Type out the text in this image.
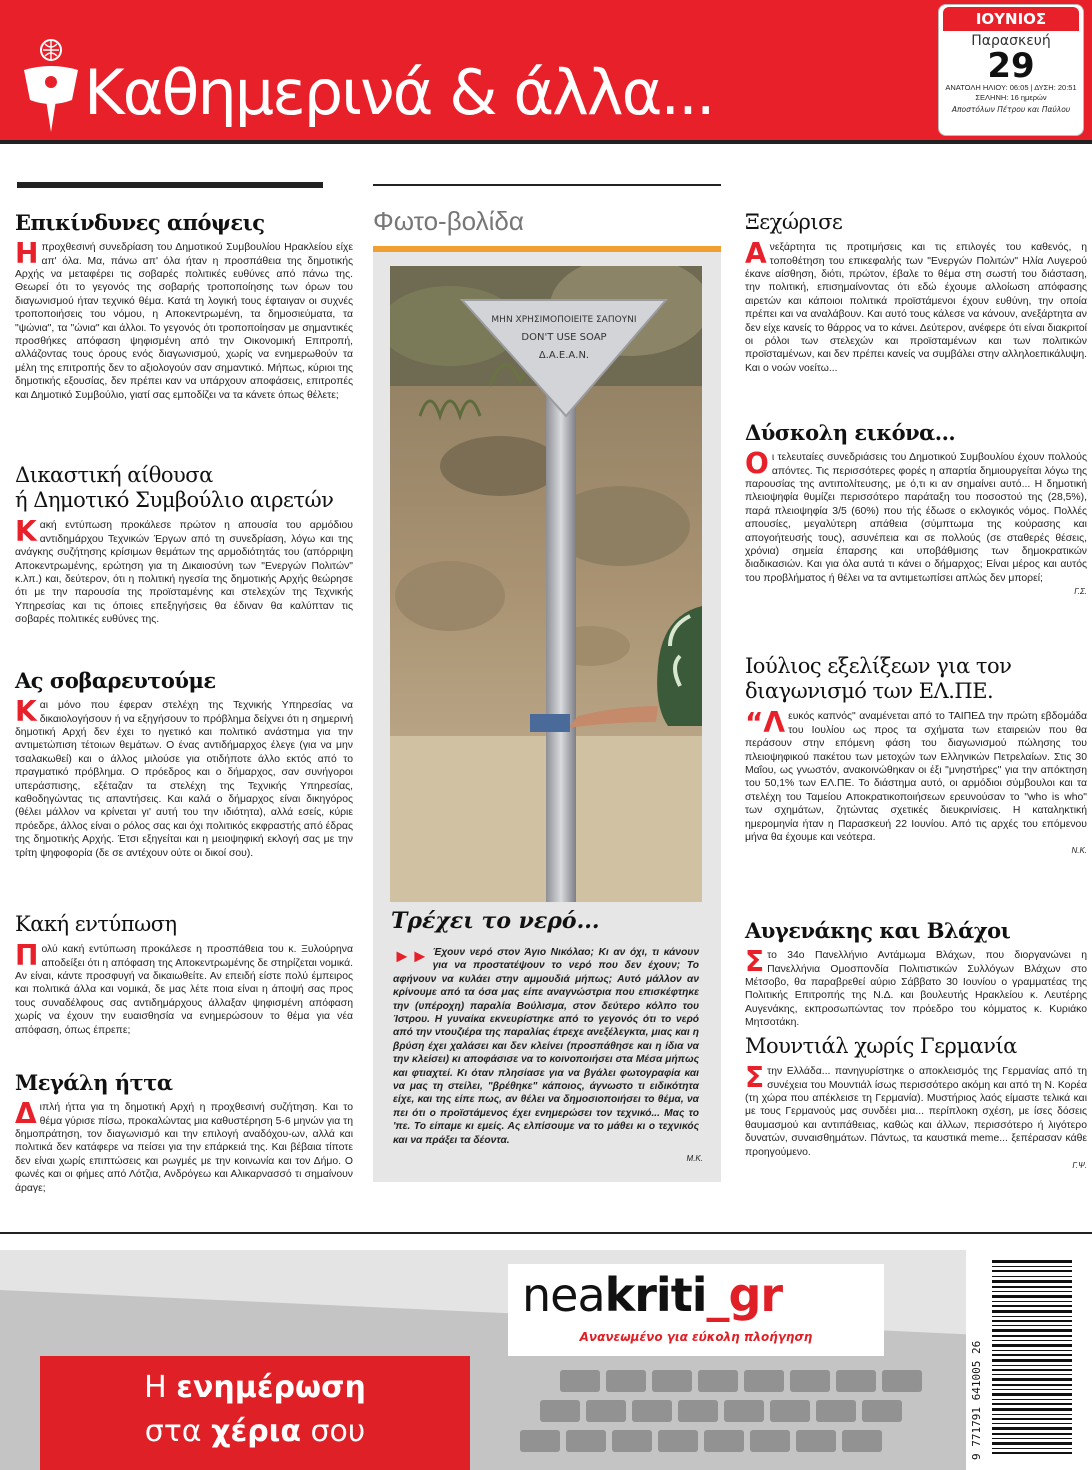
Καθημερινά & άλλα...
ΙΟΥΝΙΟΣ
Παρασκευή
29
ΑΝΑΤΟΛΗ ΗΛΙΟΥ: 06:05 | ΔΥΣΗ: 20:51
ΣΕΛΗΝΗ: 16 ημερών
Αποστόλων Πέτρου και Παύλου
Επικίνδυνες απόψεις
Ηπροχθεσινή συνεδρίαση του Δημοτικού Συμβουλίου Ηρακλείου είχε απ' όλα. Μα, πάνω απ' όλα ήταν η προσπάθεια της δημοτικής Αρχής να μεταφέρει τις σοβαρές πολιτικές ευθύνες από πάνω της. Θεωρεί ότι το γεγονός της σοβαρής τροποποίησης των όρων του διαγωνισμού ήταν τεχνικό θέμα. Κατά τη λογική τους έφταιγαν οι συχνές τροποποιήσεις του νόμου, η Αποκεντρωμένη, τα δημοσιεύματα, τα "ψώνια", τα "ώνια" και άλλοι. Το γεγονός ότι τροποποίησαν με σημαντικές προσθήκες απόφαση ψηφισμένη από την Οικονομική Επιτροπή, αλλάζοντας τους όρους ενός διαγωνισμού, χωρίς να ενημερωθούν τα μέλη της επιτροπής δεν το αξιολογούν σαν σημαντικό. Μήπως, κύριοι της δημοτικής εξουσίας, δεν πρέπει καν να υπάρχουν αποφάσεις, επιτροπές και Δημοτικό Συμβούλιο, γιατί σας εμποδίζει να τα κάνετε όπως θέλετε;
Δικαστική αίθουσα
ή Δημοτικό Συμβούλιο αιρετών
Κακή εντύπωση προκάλεσε πρώτον η απουσία του αρμόδιου αντιδημάρχου Τεχνικών Έργων από τη συνεδρίαση, λόγω και της ανάγκης συζήτησης κρίσιμων θεμάτων της αρμοδιότητάς του (απόρριψη Αποκεντρωμένης, ερώτηση για τη Δικαιοσύνη των "Ενεργών Πολιτών" κ.λπ.) και, δεύτερον, ότι η πολιτική ηγεσία της δημοτικής Αρχής θεώρησε ότι με την παρουσία της προϊσταμένης και στελεχών της Τεχνικής Υπηρεσίας και τις όποιες επεξηγήσεις θα έδιναν θα καλύπταν τις σοβαρές πολιτικές ευθύνες της.
Ας σοβαρευτούμε
Και μόνο που έφεραν στελέχη της Τεχνικής Υπηρεσίας να δικαιολογήσουν ή να εξηγήσουν το πρόβλημα δείχνει ότι η σημερινή δημοτική Αρχή δεν έχει το ηγετικό και πολιτικό ανάστημα για την αντιμετώπιση τέτοιων θεμάτων. Ο ένας αντιδήμαρχος έλεγε (για να μην τσαλακωθεί) και ο άλλος μιλούσε για οτιδήποτε άλλο εκτός από το πραγματικό πρόβλημα. Ο πρόεδρος και ο δήμαρχος, σαν συνήγοροι υπεράσπισης, εξέταζαν τα στελέχη της Τεχνικής Υπηρεσίας, καθοδηγώντας τις απαντήσεις. Και καλά ο δήμαρχος είναι δικηγόρος (θέλει μάλλον να κρίνεται γι' αυτή του την ιδιότητα), αλλά εσείς, κύριε πρόεδρε, άλλος είναι ο ρόλος σας και όχι πολιτικός εκφραστής από έδρας της δημοτικής Αρχής. Έτσι εξηγείται και η μειοψηφική εκλογή σας με την τρίτη ψηφοφορία (δε σε αντέχουν ούτε οι δικοί σου).
Κακή εντύπωση
Πολύ κακή εντύπωση προκάλεσε η προσπάθεια του κ. Ξυλούρηνα αποδείξει ότι η απόφαση της Αποκεντρωμένης δε στηρίζεται νομικά. Αν είναι, κάντε προσφυγή να δικαιωθείτε. Αν επειδή είστε πολύ έμπειρος και πολιτικά άλλα και νομικά, δε μας λέτε ποια είναι η άποψή σας προς τους συναδέλφους σας αντιδημάρχους άλλαξαν ψηφισμένη απόφαση χωρίς να έχουν την ευαισθησία να ενημερώσουν το θέμα για νέα απόφαση, όπως έπρεπε;
Μεγάλη ήττα
Διπλή ήττα για τη δημοτική Αρχή η προχθεσινή συζήτηση. Και το θέμα γύρισε πίσω, προκαλώντας μια καθυστέρηση 5-6 μηνών για τη δημοπράτηση, τον διαγωνισμό και την επιλογή αναδόχου-ων, αλλά και πολιτικά δεν κατάφερε να πείσει για την επάρκειά της. Και βέβαια τίποτε δεν είναι χωρίς επιπτώσεις και ρωγμές με την κοινωνία και τον Δήμο. Ο φωνές και οι φήμες από Λότζια, Ανδρόγεω και Αλικαρνασσό τι σημαίνουν άραγε;
Φωτο-βολίδα
ΜΗΝ ΧΡΗΣΙΜΟΠΟΙΕΙΤΕ ΣΑΠΟΥΝΙ
DON'T USE SOAP
Δ.Α.Ε.Α.Ν.
Τρέχει το νερό...
►► Έχουν νερό στον Άγιο Νικόλαο; Κι αν όχι, τι κάνουν για να προστατέψουν το νερό που δεν έχουν; Το αφήνουν να κυλάει στην αμμουδιά μήπως; Αυτό μάλλον αν κρίνουμε από τα όσα μας είπε αναγνώστρια που επισκέφτηκε την (υπέροχη) παραλία Βούλισμα, στον δεύτερο κόλπο του Ίστρου. Η γυναίκα εκνευρίστηκε από το γεγονός ότι το νερό από την ντουζιέρα της παραλίας έτρεχε ανεξέλεγκτα, μιας και η βρύση έχει χαλάσει και δεν κλείνει (προσπάθησε και η ίδια να την κλείσει) κι αποφάσισε να το κοινοποιήσει στα Μέσα μήπως και φτιαχτεί. Κι όταν πλησίασε για να βγάλει φωτογραφία και να μας τη στείλει, "βρέθηκε" κάποιος, άγνωστο τι ειδικότητα είχε, και της είπε πως, αν θέλει να δημοσιοποιήσει το θέμα, να πει ότι ο προϊστάμενος έχει ενημερώσει τον τεχνικό... Μας το 'πε. Το είπαμε κι εμείς. Ας ελπίσουμε να το μάθει κι ο τεχνικός και να πράξει τα δέοντα.
Μ.Κ.
Ξεχώρισε
Ανεξάρτητα τις προτιμήσεις και τις επιλογές του καθενός, η τοποθέτηση του επικεφαλής των "Ενεργών Πολιτών" Ηλία Λυγερού έκανε αίσθηση, διότι, πρώτον, έβαλε το θέμα στη σωστή του διάσταση, την πολιτική, επισημαίνοντας ότι εδώ έχουμε αλλοίωση απόφασης αιρετών και κάποιοι πολιτικά προϊστάμενοι έχουν ευθύνη, την οποία πρέπει και να αναλάβουν. Και αυτό τους κάλεσε να κάνουν, ανεξάρτητα αν δεν είχε κανείς το θάρρος να το κάνει. Δεύτερον, ανέφερε ότι είναι διακριτοί οι ρόλοι των στελεχών και προϊσταμένων και των πολιτικών προϊσταμένων, και δεν πρέπει κανείς να συμβάλει στην αλληλοεπικάλυψη. Και ο νοών νοείτω...
Δύσκολη εικόνα...
Οι τελευταίες συνεδριάσεις του Δημοτικού Συμβουλίου έχουν πολλούς απόντες. Τις περισσότερες φορές η απαρτία δημιουργείται λόγω της παρουσίας της αντιπολίτευσης, με ό,τι κι αν σημαίνει αυτό... Η δημοτική πλειοψηφία θυμίζει περισσότερο παράταξη του ποσοστού της (28,5%), παρά πλειοψηφία 3/5 (60%) που τής έδωσε ο εκλογικός νόμος. Πολλές απουσίες, μεγαλύτερη απάθεια (σύμπτωμα της κούρασης και απογοήτευσής τους), ασυνέπεια και σε πολλούς (σε σταθερές θέσεις, χρόνια) σημεία έπαρσης και υποβάθμισης των δημοκρατικών διαδικασιών. Και για όλα αυτά τι κάνει ο δήμαρχος; Είναι μέρος και αυτός του προβλήματος ή θέλει να τα αντιμετωπίσει απλώς δεν μπορεί;
Γ.Σ.
Ιούλιος εξελίξεων για τον
διαγωνισμό των ΕΛ.ΠΕ.
“Λευκός καπνός" αναμένεται από το ΤΑΙΠΕΔ την πρώτη εβδομάδα του Ιουλίου ως προς τα σχήματα των εταιρειών που θα περάσουν στην επόμενη φάση του διαγωνισμού πώλησης του πλειοψηφικού πακέτου των μετοχών των Ελληνικών Πετρελαίων. Στις 30 Μαΐου, ως γνωστόν, ανακοινώθηκαν οι έξι "μνηστήρες" για την απόκτηση του 50,1% των ΕΛ.ΠΕ. Το διάστημα αυτό, οι αρμόδιοι σύμβουλοι και τα στελέχη του Ταμείου Αποκρατικοποιήσεων ερευνούσαν το "who is who" των σχημάτων, ζητώντας σχετικές διευκρινίσεις. Η καταληκτική ημερομηνία ήταν η Παρασκευή 22 Ιουνίου. Από τις αρχές του επόμενου μήνα θα έχουμε και νεότερα.
Ν.Κ.
Αυγενάκης και Βλάχοι
Στο 34ο Πανελλήνιο Αντάμωμα Βλάχων, που διοργανώνει η Πανελλήνια Ομοσπονδία Πολιτιστικών Συλλόγων Βλάχων στο Μέτσοβο, θα παραβρεθεί αύριο Σάββατο 30 Ιουνίου ο γραμματέας της Πολιτικής Επιτροπής της Ν.Δ. και βουλευτής Ηρακλείου κ. Λευτέρης Αυγενάκης, εκπροσωπώντας τον πρόεδρο του κόμματος κ. Κυριάκο Μητσοτάκη.
Μουντιάλ χωρίς Γερμανία
Στην Ελλάδα... πανηγυρίστηκε ο αποκλεισμός της Γερμανίας από τη συνέχεια του Μουντιάλ ίσως περισσότερο ακόμη και από τη Ν. Κορέα (τη χώρα που απέκλεισε τη Γερμανία). Μυστήριος λαός είμαστε τελικά και με τους Γερμανούς μας συνδέει μια... περίπλοκη σχέση, με ίσες δόσεις θαυμασμού και αντιπάθειας, καθώς και άλλων, περισσότερο ή λιγότερο δυνατών, συναισθημάτων. Πάντως, τα καυστικά meme... ξεπέρασαν κάθε προηγούμενο.
Γ.Ψ.
Η ενημέρωση
στα χέρια σου
neakriti_gr
Ανανεωμένο για εύκολη πλοήγηση
9 771791 641005 26
